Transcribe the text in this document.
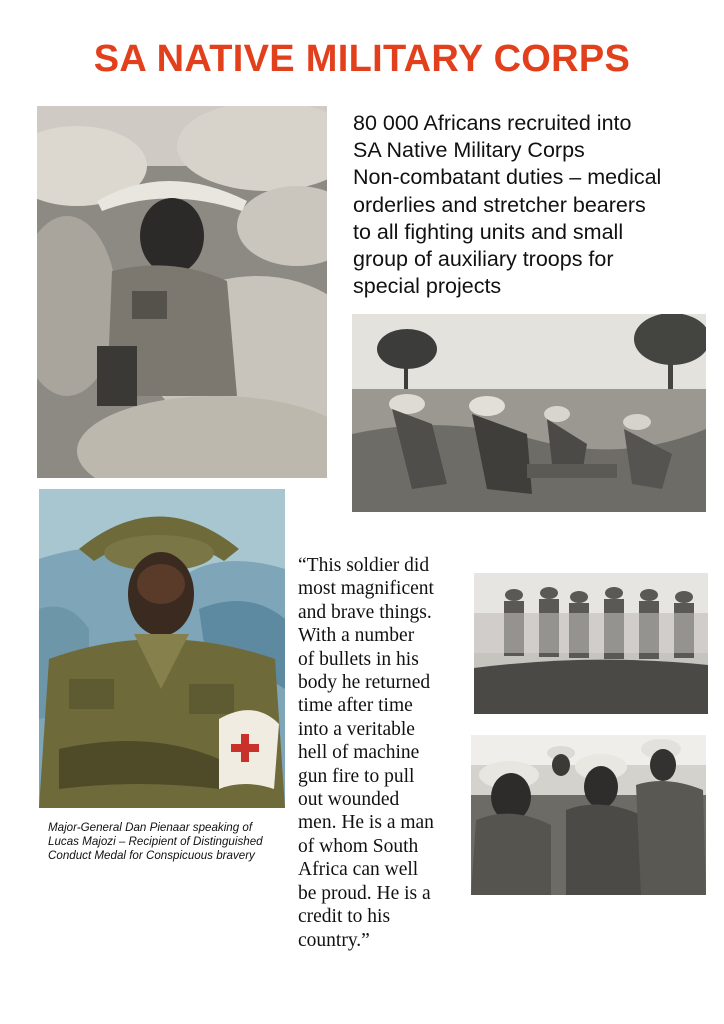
SA NATIVE MILITARY CORPS
80 000 Africans recruited into
SA Native Military Corps
Non-combatant duties – medical
orderlies and stretcher bearers
to all fighting units and small
group of auxiliary troops for
special projects
Major-General Dan Pienaar speaking of
Lucas Majozi – Recipient of Distinguished
Conduct Medal for Conspicuous bravery
“This soldier did
most magnificent
and brave things.
With a number
of bullets in his
body he returned
time after time
into a veritable
hell of machine
gun fire to pull
out wounded
men. He is a man
of whom South
Africa can well
be proud. He is a
credit to his
country.”
